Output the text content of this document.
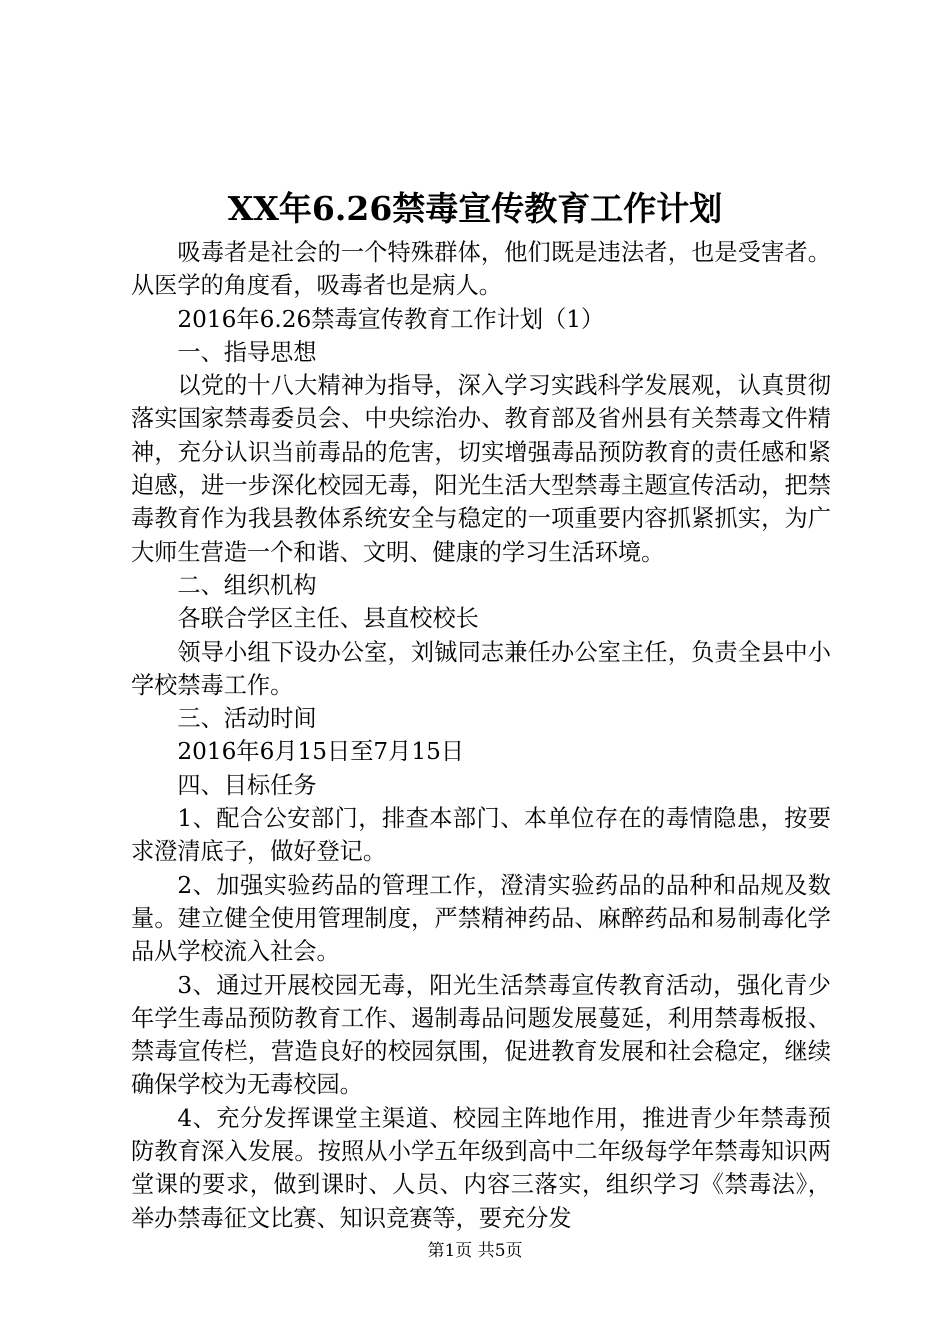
XX年6.26禁毒宣传教育工作计划

吸毒者是社会的一个特殊群体，他们既是违法者，也是受害者。从医学的角度看，吸毒者也是病人。

2016年6.26禁毒宣传教育工作计划（1）

一、指导思想

以党的十八大精神为指导，深入学习实践科学发展观，认真贯彻落实国家禁毒委员会、中央综治办、教育部及省州县有关禁毒文件精神，充分认识当前毒品的危害，切实增强毒品预防教育的责任感和紧迫感，进一步深化校园无毒，阳光生活大型禁毒主题宣传活动，把禁毒教育作为我县教体系统安全与稳定的一项重要内容抓紧抓实，为广大师生营造一个和谐、文明、健康的学习生活环境。

二、组织机构

各联合学区主任、县直校校长

领导小组下设办公室，刘铖同志兼任办公室主任，负责全县中小学校禁毒工作。

三、活动时间

2016年6月15日至7月15日

四、目标任务

1、配合公安部门，排查本部门、本单位存在的毒情隐患，按要求澄清底子，做好登记。

2、加强实验药品的管理工作，澄清实验药品的品种和品规及数量。建立健全使用管理制度，严禁精神药品、麻醉药品和易制毒化学品从学校流入社会。

3、通过开展校园无毒，阳光生活禁毒宣传教育活动，强化青少年学生毒品预防教育工作、遏制毒品问题发展蔓延，利用禁毒板报、禁毒宣传栏，营造良好的校园氛围，促进教育发展和社会稳定，继续确保学校为无毒校园。

4、充分发挥课堂主渠道、校园主阵地作用，推进青少年禁毒预防教育深入发展。按照从小学五年级到高中二年级每学年禁毒知识两堂课的要求，做到课时、人员、内容三落实，组织学习《禁毒法》，举办禁毒征文比赛、知识竞赛等，要充分发

第1页 共5页
